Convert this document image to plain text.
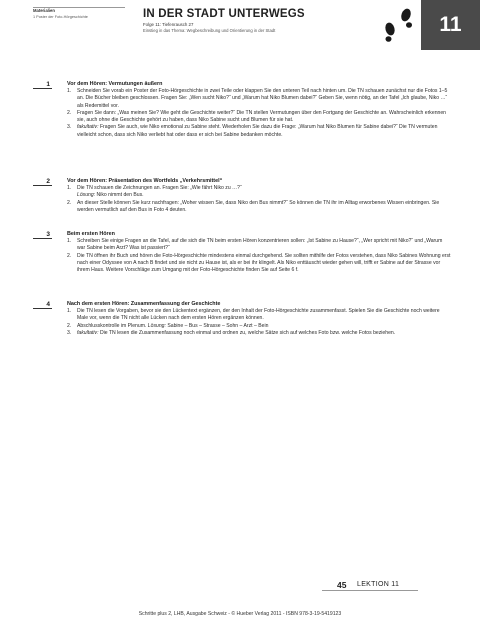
Materialien
1 Poster der Foto-Hörgeschichte	IN DER STADT UNTERWEGS
Folge 11: Tiefenrausch 27
Einstieg in das Thema: Wegbeschreibung und Orientierung in der Stadt	11
1	Vor dem Hören: Vermutungen äußern
1.	Schneiden Sie vorab ein Poster der Foto-Hörgeschichte in zwei Teile oder klappen Sie den unteren Teil nach hinten um. Die TN schauen zunächst nur die Fotos 1–5 an. Die Bücher bleiben geschlossen. Fragen Sie: „Wen sucht Niko?“ und „Warum hat Niko Blumen dabei?“ Geben Sie, wenn nötig, an der Tafel „Ich glaube, Niko …“ als Redemittel vor.
2.	Fragen Sie dann: „Was meinen Sie? Wie geht die Geschichte weiter?“ Die TN stellen Vermutungen über den Fortgang der Geschichte an. Wahrscheinlich erkennen sie, auch ohne die Geschichte gehört zu haben, dass Niko Sabine sucht und Blumen für sie hat.
3.	fakultativ: Fragen Sie auch, wie Niko emotional zu Sabine steht. Wiederholen Sie dazu die Frage: „Warum hat Niko Blumen für Sabine dabei?“ Die TN vermuten vielleicht schon, dass sich Niko verliebt hat oder dass er sich bei Sabine bedanken möchte.
2	Vor dem Hören: Präsentation des Wortfelds „Verkehrsmittel“
1.	Die TN schauen die Zeichnungen an. Fragen Sie: „Wie fährt Niko zu …?“
Lösung: Niko nimmt den Bus.
2.	An dieser Stelle können Sie kurz nachfragen: „Woher wissen Sie, dass Niko den Bus nimmt?“ So können die TN ihr im Alltag erworbenes Wissen einbringen. Sie werden vermutlich auf den Bus in Foto 4 deuten.
3	Beim ersten Hören
1.	Schreiben Sie einige Fragen an die Tafel, auf die sich die TN beim ersten Hören konzentrieren sollen: „Ist Sabine zu Hause?“, „Wer spricht mit Niko?“ und „Warum war Sabine beim Arzt? Was ist passiert?“
2.	Die TN öffnen ihr Buch und hören die Foto-Hörgeschichte mindestens einmal durchgehend. Sie sollten mithilfe der Fotos verstehen, dass Niko Sabines Wohnung erst nach einer Odyssee von A nach B findet und sie nicht zu Hause ist, als er bei ihr klingelt. Als Niko enttäuscht wieder gehen will, trifft er Sabine auf der Strasse vor ihrem Haus. Weitere Vorschläge zum Umgang mit der Foto-Hörgeschichte finden Sie auf Seite 6 f.
4	Nach dem ersten Hören: Zusammenfassung der Geschichte
1.	Die TN lesen die Vorgaben, bevor sie den Lückentext ergänzen, der den Inhalt der Foto-Hörgeschichte zusammenfasst. Spielen Sie die Geschichte noch weitere Male vor, wenn die TN nicht alle Lücken nach dem ersten Hören ergänzen können.
2.	Abschlusskontrolle im Plenum. Lösung: Sabine – Bus – Strasse – Sohn – Arzt – Bein
3.	fakultativ: Die TN lesen die Zusammenfassung noch einmal und ordnen zu, welche Sätze sich auf welches Foto bzw. welche Fotos beziehen.
45 LEKTION 11
Schritte plus 2, LHB, Ausgabe Schweiz - © Hueber Verlag 2011 - ISBN 978-3-19-5419123
